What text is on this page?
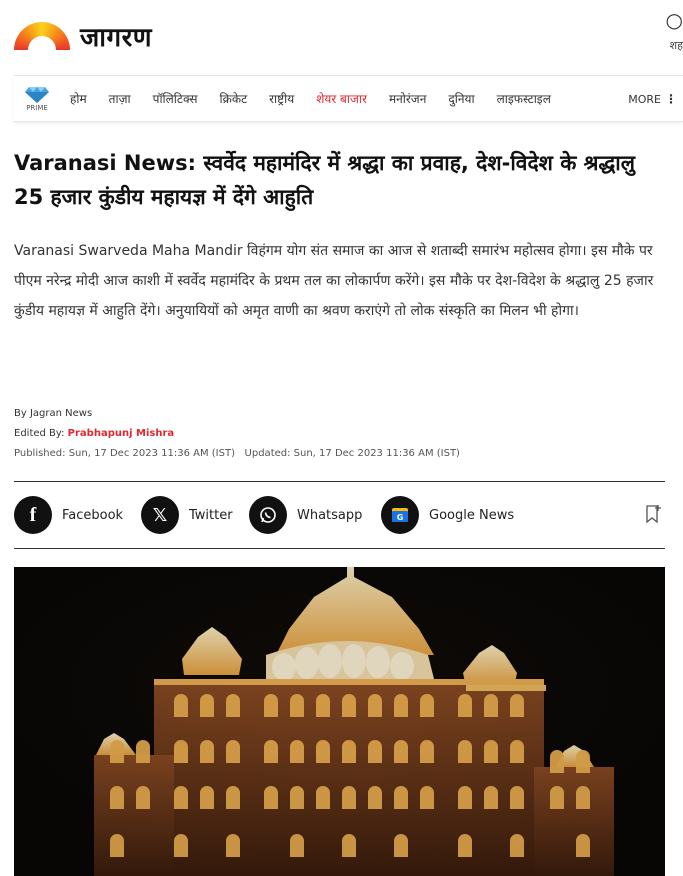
जागरण
○
शह
PRIME
होम ताज़ा पॉलिटिक्स क्रिकेट राष्ट्रीय शेयर बाजार मनोरंजन दुनिया लाइफस्टाइल	MORE ⋮
Varanasi News: स्वर्वेद महामंदिर में श्रद्धा का प्रवाह, देश-विदेश के श्रद्धालु 25 हजार कुंडीय महायज्ञ में देंगे आहुति

Varanasi Swarveda Maha Mandir विहंगम योग संत समाज का आज से शताब्दी समारंभ महोत्सव होगा। इस मौके पर पीएम नरेन्द्र मोदी आज काशी में स्वर्वेद महामंदिर के प्रथम तल का लोकार्पण करेंगे। इस मौके पर देश-विदेश के श्रद्धालु 25 हजार कुंडीय महायज्ञ में आहुति देंगे। अनुयायियों को अमृत वाणी का श्रवण कराएंगे तो लोक संस्कृति का मिलन भी होगा।

By Jagran News
Edited By: Prabhapunj Mishra
Published: Sun, 17 Dec 2023 11:36 AM (IST) Updated: Sun, 17 Dec 2023 11:36 AM (IST)
f	Facebook	𝕏	Twitter	Whatsapp	G Google News
